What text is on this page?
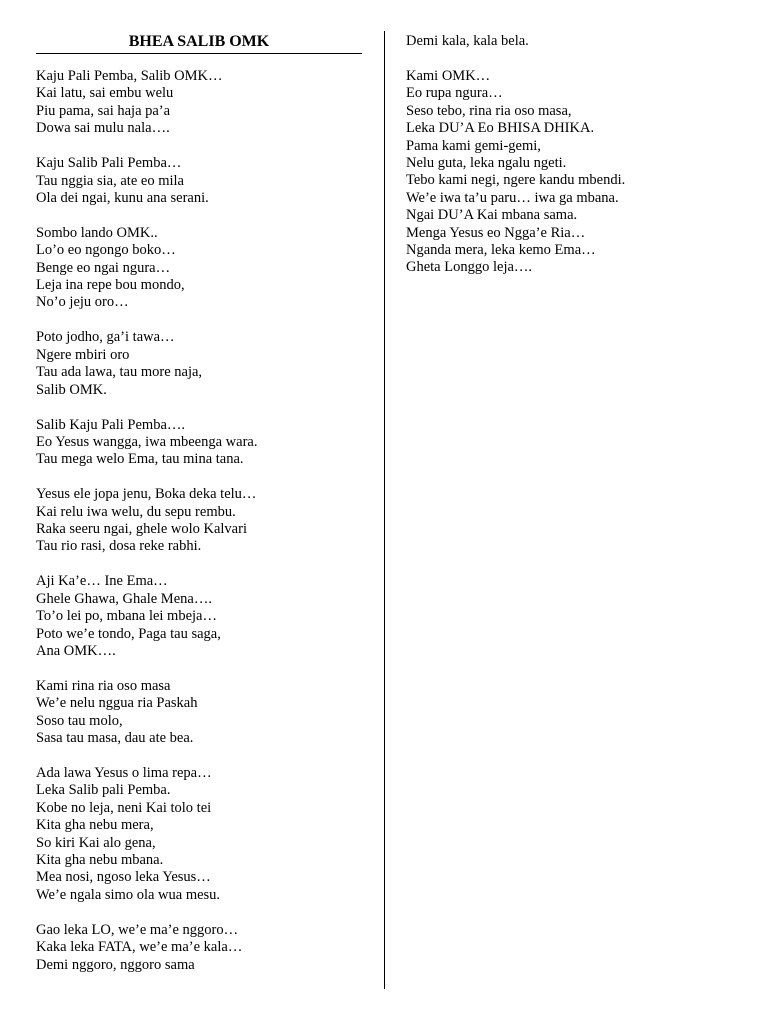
BHEA SALIB OMK
Kaju Pali Pemba, Salib OMK…
Kai latu, sai embu welu
Piu pama, sai haja pa’a
Dowa sai mulu nala….
Kaju Salib Pali Pemba…
Tau nggia sia, ate eo mila
Ola dei ngai, kunu ana serani.
Sombo lando OMK..
Lo’o eo ngongo boko…
Benge eo ngai ngura…
Leja ina repe bou mondo,
No’o jeju oro…
Poto jodho, ga’i tawa…
Ngere mbiri oro
Tau ada lawa, tau more naja,
Salib OMK.
Salib Kaju Pali Pemba….
Eo Yesus wangga, iwa mbeenga wara.
Tau mega welo Ema, tau mina tana.
Yesus ele jopa jenu, Boka deka telu…
Kai relu iwa welu, du sepu rembu.
Raka seeru ngai, ghele wolo Kalvari
Tau rio rasi, dosa reke rabhi.
Aji Ka’e… Ine Ema…
Ghele Ghawa, Ghale Mena….
To’o lei po, mbana lei mbeja…
Poto we’e tondo, Paga tau saga,
Ana OMK….
Kami rina ria oso masa
We’e nelu nggua ria Paskah
Soso tau molo,
Sasa tau masa, dau ate bea.
Ada lawa Yesus o lima repa…
Leka Salib pali Pemba.
Kobe no leja, neni Kai tolo tei
Kita gha nebu mera,
So kiri Kai alo gena,
Kita gha nebu mbana.
Mea nosi, ngoso leka Yesus…
We’e ngala simo ola wua mesu.
Gao leka LO, we’e ma’e nggoro…
Kaka leka FATA, we’e ma’e kala…
Demi nggoro, nggoro sama
Demi kala, kala bela.
Kami OMK…
Eo rupa ngura…
Seso tebo, rina ria oso masa,
Leka DU’A Eo BHISA DHIKA.
Pama kami gemi-gemi,
Nelu guta, leka ngalu ngeti.
Tebo kami negi, ngere kandu mbendi.
We’e iwa ta’u paru… iwa ga mbana.
Ngai DU’A Kai mbana sama.
Menga Yesus eo Ngga’e Ria…
Nganda mera, leka kemo Ema…
Gheta Longgo leja….
